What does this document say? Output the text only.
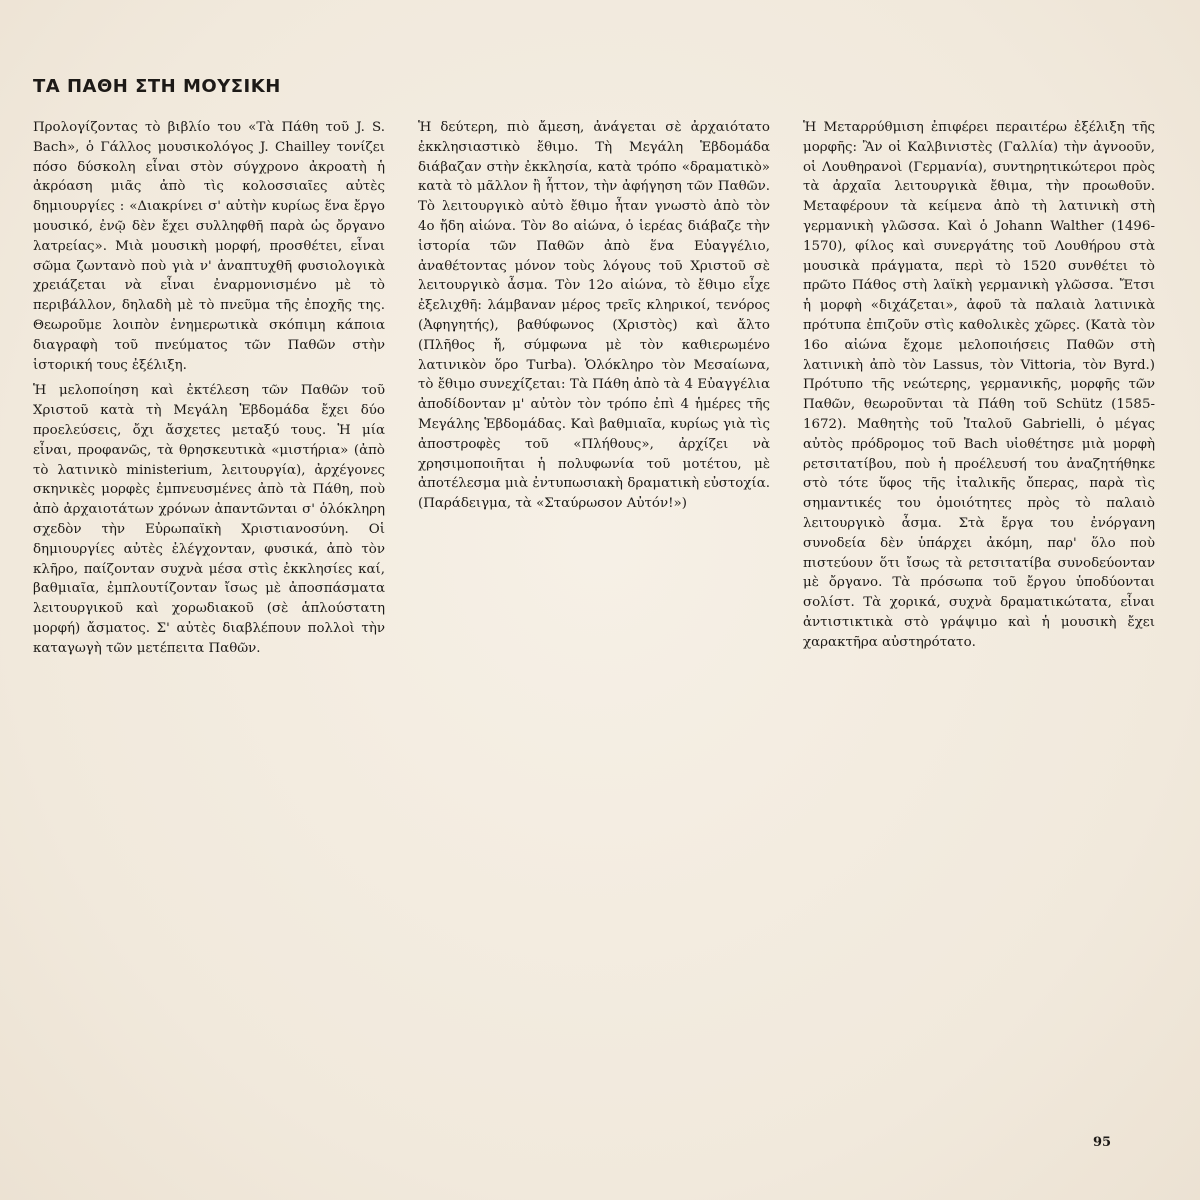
ΤΑ ΠΑΘΗ ΣΤΗ ΜΟΥΣΙΚΗ

Προλογίζοντας τὸ βιβλίο του «Τὰ Πάθη τοῦ J. S. Bach», ὁ Γάλλος μουσικολόγος J. Chailley τονίζει πόσο δύσκολη εἶναι στὸν σύγχρονο ἀκροατὴ ἡ ἀκρόαση μιᾶς ἀπὸ τὶς κολοσσιαῖες αὐτὲς δημιουργίες : «Διακρίνει σ' αὐτὴν κυρίως ἕνα ἔργο μουσικό, ἐνῷ δὲν ἔχει συλληφθῆ παρὰ ὡς ὄργανο λατρείας». Μιὰ μουσικὴ μορφή, προσθέτει, εἶναι σῶμα ζωντανὸ ποὺ γιὰ ν' ἀναπτυχθῆ φυσιολογικὰ χρειάζεται νὰ εἶναι ἐναρμονισμένο μὲ τὸ περιβάλλον, δηλαδὴ μὲ τὸ πνεῦμα τῆς ἐποχῆς της. Θεωροῦμε λοιπὸν ἐνημερωτικὰ σκόπιμη κάποια διαγραφὴ τοῦ πνεύματος τῶν Παθῶν στὴν ἱστορική τους ἐξέλιξη.

Ἡ μελοποίηση καὶ ἐκτέλεση τῶν Παθῶν τοῦ Χριστοῦ κατὰ τὴ Μεγάλη Ἑβδομάδα ἔχει δύο προελεύσεις, ὄχι ἄσχετες μεταξύ τους. Ἡ μία εἶναι, προφανῶς, τὰ θρησκευτικὰ «μιστήρια» (ἀπὸ τὸ λατινικὸ ministerium, λειτουργία), ἀρχέγονες σκηνικὲς μορφὲς ἐμπνευσμένες ἀπὸ τὰ Πάθη, ποὺ ἀπὸ ἀρχαιοτάτων χρόνων ἀπαντῶνται σ' ὁλόκληρη σχεδὸν τὴν Εὐρωπαϊκὴ Χριστιανοσύνη. Οἱ δημιουργίες αὐτὲς ἐλέγχονταν, φυσικά, ἀπὸ τὸν κλῆρο, παίζονταν συχνὰ μέσα στὶς ἐκκλησίες καί, βαθμιαῖα, ἐμπλουτίζονταν ἴσως μὲ ἀποσπάσματα λειτουργικοῦ καὶ χορωδιακοῦ (σὲ ἁπλούστατη μορφή) ἄσματος. Σ' αὐτὲς διαβλέπουν πολλοὶ τὴν καταγωγὴ τῶν μετέπειτα Παθῶν.

Ἡ δεύτερη, πιὸ ἄμεση, ἀνάγεται σὲ ἀρχαιότατο ἐκκλησιαστικὸ ἔθιμο. Τὴ Μεγάλη Ἑβδομάδα διάβαζαν στὴν ἐκκλησία, κατὰ τρόπο «δραματικὸ» κατὰ τὸ μᾶλλον ἢ ἧττον, τὴν ἀφήγηση τῶν Παθῶν. Τὸ λειτουργικὸ αὐτὸ ἔθιμο ἦταν γνωστὸ ἀπὸ τὸν 4ο ἤδη αἰώνα. Τὸν 8ο αἰώνα, ὁ ἱερέας διάβαζε τὴν ἱστορία τῶν Παθῶν ἀπὸ ἕνα Εὐαγγέλιο, ἀναθέτοντας μόνον τοὺς λόγους τοῦ Χριστοῦ σὲ λειτουργικὸ ἆσμα. Τὸν 12ο αἰώνα, τὸ ἔθιμο εἶχε ἐξελιχθῆ: λάμβαναν μέρος τρεῖς κληρικοί, τενόρος (Ἀφηγητής), βαθύφωνος (Χριστὸς) καὶ ἄλτο (Πλῆθος ἤ, σύμφωνα μὲ τὸν καθιερωμένο λατινικὸν ὅρο Turba). Ὁλόκληρο τὸν Μεσαίωνα, τὸ ἔθιμο συνεχίζεται: Τὰ Πάθη ἀπὸ τὰ 4 Εὐαγγέλια ἀποδίδονταν μ' αὐτὸν τὸν τρόπο ἐπὶ 4 ἡμέρες τῆς Μεγάλης Ἑβδομάδας. Καὶ βαθμιαῖα, κυρίως γιὰ τὶς ἀποστροφὲς τοῦ «Πλήθους», ἀρχίζει νὰ χρησιμοποιῆται ἡ πολυφωνία τοῦ μοτέτου, μὲ ἀποτέλεσμα μιὰ ἐντυπωσιακὴ δραματικὴ εὐστοχία. (Παράδειγμα, τὰ «Σταύρωσον Αὐτόν!»)

Ἡ Μεταρρύθμιση ἐπιφέρει περαιτέρω ἐξέλιξη τῆς μορφῆς: Ἂν οἱ Καλβινιστὲς (Γαλλία) τὴν ἀγνοοῦν, οἱ Λουθηρανοὶ (Γερμανία), συντηρητικώτεροι πρὸς τὰ ἀρχαῖα λειτουργικὰ ἔθιμα, τὴν προωθοῦν. Μεταφέρουν τὰ κείμενα ἀπὸ τὴ λατινικὴ στὴ γερμανικὴ γλῶσσα. Καὶ ὁ Johann Walther (1496-1570), φίλος καὶ συνεργάτης τοῦ Λουθήρου στὰ μουσικὰ πράγματα, περὶ τὸ 1520 συνθέτει τὸ πρῶτο Πάθος στὴ λαϊκὴ γερμανικὴ γλῶσσα. Ἔτσι ἡ μορφὴ «διχάζεται», ἀφοῦ τὰ παλαιὰ λατινικὰ πρότυπα ἐπιζοῦν στὶς καθολικὲς χῶρες. (Κατὰ τὸν 16ο αἰώνα ἔχομε μελοποιήσεις Παθῶν στὴ λατινικὴ ἀπὸ τὸν Lassus, τὸν Vittoria, τὸν Byrd.) Πρότυπο τῆς νεώτερης, γερμανικῆς, μορφῆς τῶν Παθῶν, θεωροῦνται τὰ Πάθη τοῦ Schütz (1585-1672). Μαθητὴς τοῦ Ἰταλοῦ Gabrielli, ὁ μέγας αὐτὸς πρόδρομος τοῦ Bach υἱοθέτησε μιὰ μορφὴ ρετσιτατίβου, ποὺ ἡ προέλευσή του ἀναζητήθηκε στὸ τότε ὕφος τῆς ἰταλικῆς ὄπερας, παρὰ τὶς σημαντικές του ὁμοιότητες πρὸς τὸ παλαιὸ λειτουργικὸ ἆσμα. Στὰ ἔργα του ἐνόργανη συνοδεία δὲν ὑπάρχει ἀκόμη, παρ' ὅλο ποὺ πιστεύουν ὅτι ἴσως τὰ ρετσιτατίβα συνοδεύονταν μὲ ὄργανο. Τὰ πρόσωπα τοῦ ἔργου ὑποδύονται σολίστ. Τὰ χορικά, συχνὰ δραματικώτατα, εἶναι ἀντιστικτικὰ στὸ γράψιμο καὶ ἡ μουσικὴ ἔχει χαρακτῆρα αὐστηρότατο.

95
